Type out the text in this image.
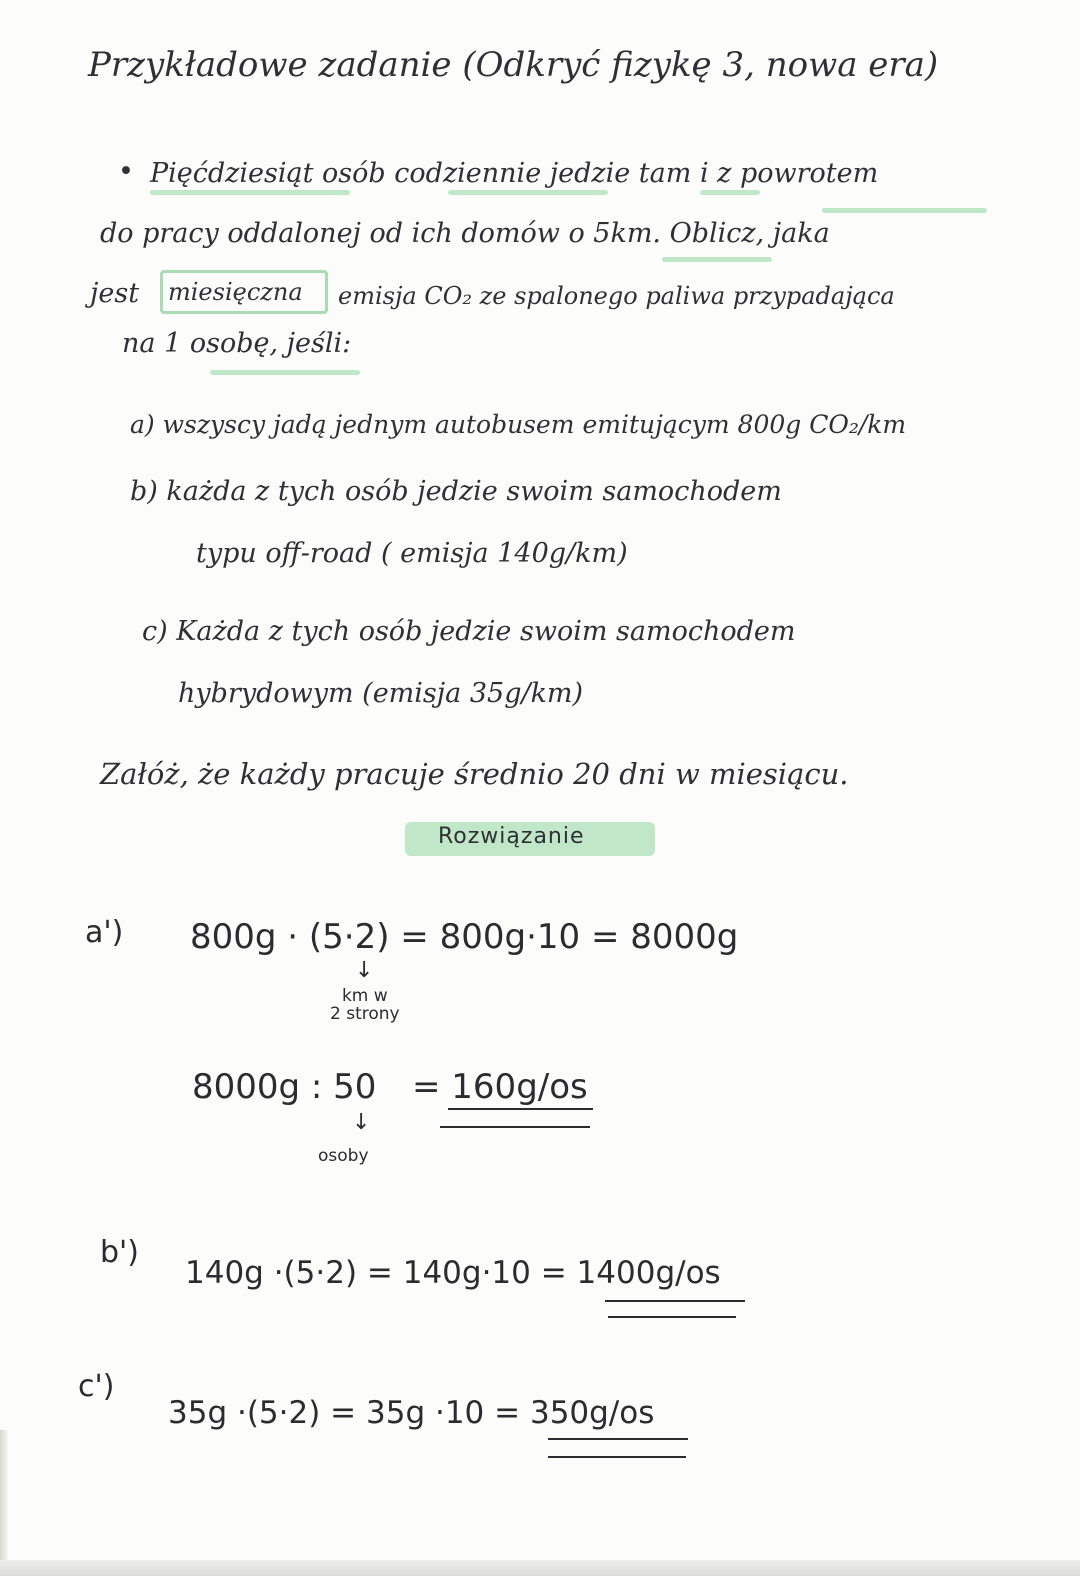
Przykładowe zadanie (Odkryć fizykę 3, nowa era)
• Pięćdziesiąt osób codziennie jedzie tam i z powrotem
do pracy oddalonej od ich domów o 5km. Oblicz, jaka
jest miesięczna emisja CO₂ ze spalonego paliwa przypadająca
na 1 osobę, jeśli:
a) wszyscy jadą jednym autobusem emitującym 800g CO₂/km
b) każda z tych osób jedzie swoim samochodem
typu off-road ( emisja 140g/km)
c) Każda z tych osób jedzie swoim samochodem
hybrydowym (emisja 35g/km)
Załóż, że każdy pracuje średnio 20 dni w miesiącu.
Rozwiązanie
a') 800g · (5·2) = 800g·10 = 8000g
↓
km w
2 strony
8000g : 50 = 160g/os
↓
osoby
b')
140g ·(5·2) = 140g·10 = 1400g/os
c')
35g ·(5·2) = 35g ·10 = 350g/os
